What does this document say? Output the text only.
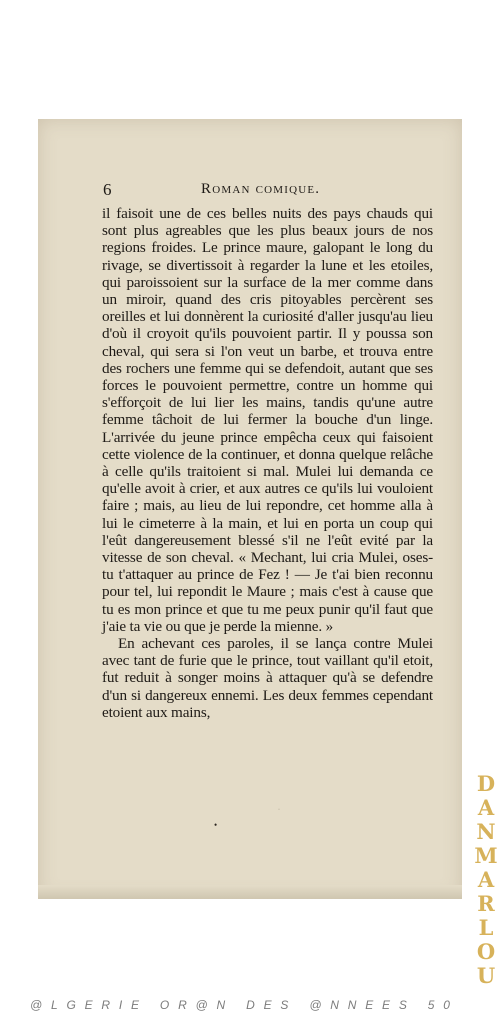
6	Roman comique.

il faisoit une de ces belles nuits des pays chauds qui sont plus agreables que les plus beaux jours de nos regions froides. Le prince maure, galopant le long du rivage, se divertissoit à regarder la lune et les etoiles, qui paroissoient sur la surface de la mer comme dans un miroir, quand des cris pitoyables percèrent ses oreilles et lui donnèrent la curiosité d'aller jusqu'au lieu d'où il croyoit qu'ils pouvoient partir. Il y poussa son cheval, qui sera si l'on veut un barbe, et trouva entre des rochers une femme qui se defendoit, autant que ses forces le pouvoient permettre, contre un homme qui s'efforçoit de lui lier les mains, tandis qu'une autre femme tâchoit de lui fermer la bouche d'un linge. L'arrivée du jeune prince empêcha ceux qui faisoient cette violence de la continuer, et donna quelque relâche à celle qu'ils traitoient si mal. Mulei lui demanda ce qu'elle avoit à crier, et aux autres ce qu'ils lui vouloient faire ; mais, au lieu de lui repondre, cet homme alla à lui le cimeterre à la main, et lui en porta un coup qui l'eût dangereusement blessé s'il ne l'eût evité par la vitesse de son cheval. « Mechant, lui cria Mulei, oses-tu t'attaquer au prince de Fez ! — Je t'ai bien reconnu pour tel, lui repondit le Maure ; mais c'est à cause que tu es mon prince et que tu me peux punir qu'il faut que j'aie ta vie ou que je perde la mienne. »

En achevant ces paroles, il se lança contre Mulei avec tant de furie que le prince, tout vaillant qu'il etoit, fut reduit à songer moins à attaquer qu'à se defendre d'un si dangereux ennemi. Les deux femmes cependant etoient aux mains,

•
·
D
A
N
M
A
R
L
O
U
@LGERIE OR@N DES @NNEES 50
